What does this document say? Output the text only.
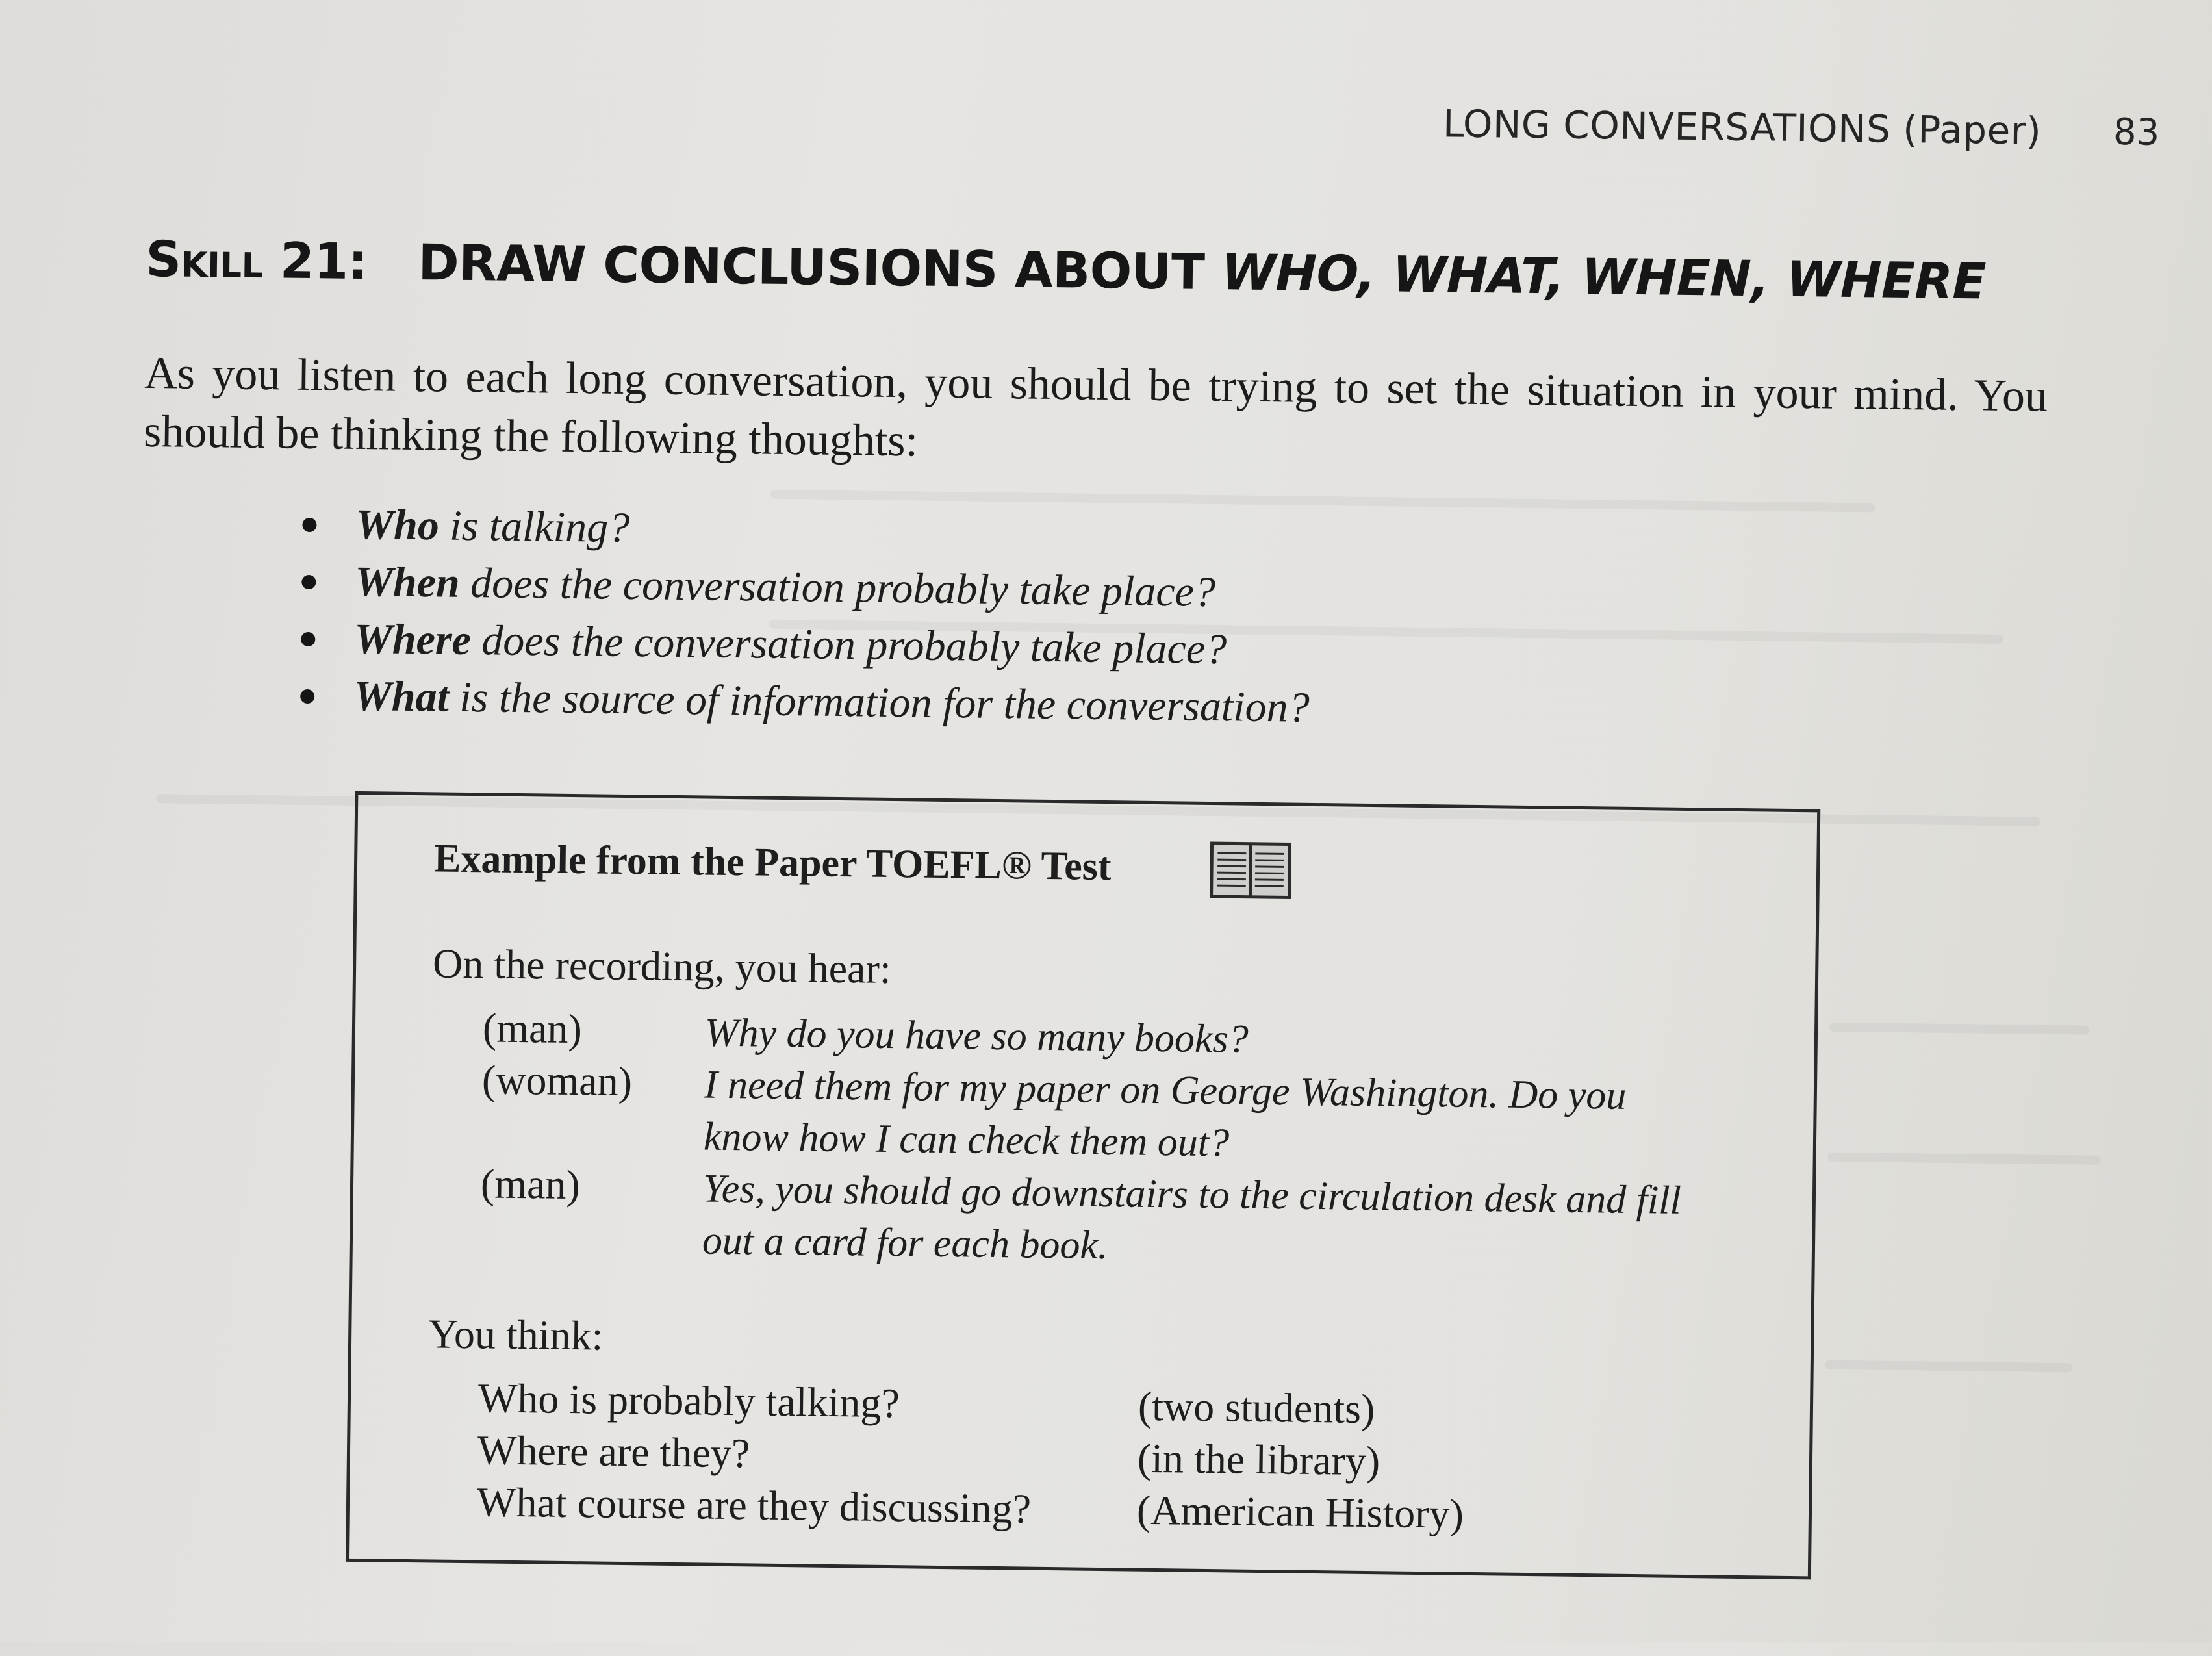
LONG CONVERSATIONS (Paper) 83
Skill 21: DRAW CONCLUSIONS ABOUT WHO, WHAT, WHEN, WHERE
As you listen to each long conversation, you should be trying to set the situation in your mind. You should be thinking the following thoughts:
Who is talking?
When does the conversation probably take place?
Where does the conversation probably take place?
What is the source of information for the conversation?
Example from the Paper TOEFL® Test
On the recording, you hear:
(man)	Why do you have so many books?
(woman) I need them for my paper on George Washington. Do you
know how I can check them out?
(man)	Yes, you should go downstairs to the circulation desk and fill
out a card for each book.
You think:
Who is probably talking?	(two students)
Where are they?	(in the library)
What course are they discussing?	(American History)
